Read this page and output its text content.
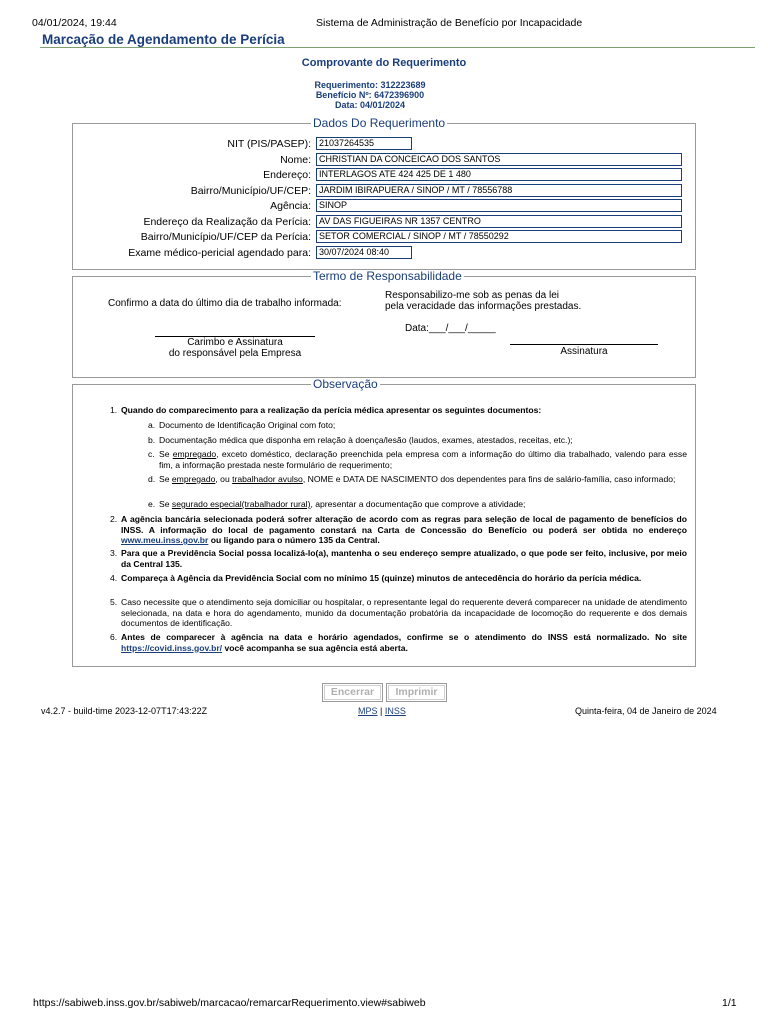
04/01/2024, 19:44	Sistema de Administração de Benefício por Incapacidade
Marcação de Agendamento de Perícia
Comprovante do Requerimento
Requerimento: 312223689
Benefício Nº: 6472396900
Data: 04/01/2024
Dados Do Requerimento
NIT (PIS/PASEP): 21037264535
Nome: CHRISTIAN DA CONCEICAO DOS SANTOS
Endereço: INTERLAGOS ATE 424 425 DE 1 480
Bairro/Município/UF/CEP: JARDIM IBIRAPUERA / SINOP / MT / 78556788
Agência: SINOP
Endereço da Realização da Perícia: AV DAS FIGUEIRAS NR 1357 CENTRO
Bairro/Município/UF/CEP da Perícia: SETOR COMERCIAL / SINOP / MT / 78550292
Exame médico-pericial agendado para: 30/07/2024 08:40
Termo de Responsabilidade
Confirmo a data do último dia de trabalho informada:
Responsabilizo-me sob as penas da lei
pela veracidade das informações prestadas.
Data:___/___/_____
Carimbo e Assinatura
do responsável pela Empresa	Assinatura
Observação
1. Quando do comparecimento para a realização da perícia médica apresentar os seguintes documentos:
a. Documento de Identificação Original com foto;
b. Documentação médica que disponha em relação à doença/lesão (laudos, exames, atestados, receitas, etc.);
c. Se empregado, exceto doméstico, declaração preenchida pela empresa com a informação do último dia trabalhado, valendo para esse fim, a informação prestada neste formulário de requerimento;
d. Se empregado, ou trabalhador avulso, NOME e DATA DE NASCIMENTO dos dependentes para fins de salário-família, caso informado;
e. Se segurado especial(trabalhador rural), apresentar a documentação que comprove a atividade;
2. A agência bancária selecionada poderá sofrer alteração de acordo com as regras para seleção de local de pagamento de benefícios do INSS. A informação do local de pagamento constará na Carta de Concessão do Benefício ou poderá ser obtida no endereço www.meu.inss.gov.br ou ligando para o número 135 da Central.
3. Para que a Previdência Social possa localizá-lo(a), mantenha o seu endereço sempre atualizado, o que pode ser feito, inclusive, por meio da Central 135.
4. Compareça à Agência da Previdência Social com no mínimo 15 (quinze) minutos de antecedência do horário da perícia médica.
5. Caso necessite que o atendimento seja domiciliar ou hospitalar, o representante legal do requerente deverá comparecer na unidade de atendimento selecionada, na data e hora do agendamento, munido da documentação probatória da incapacidade de locomoção do requerente e dos demais documentos de identificação.
6. Antes de comparecer à agência na data e horário agendados, confirme se o atendimento do INSS está normalizado. No site https://covid.inss.gov.br/ você acompanha se sua agência está aberta.
Encerrar	Imprimir
v4.2.7 - build-time 2023-12-07T17:43:22Z	MPS | INSS	Quinta-feira, 04 de Janeiro de 2024
https://sabiweb.inss.gov.br/sabiweb/marcacao/remarcarRequerimento.view#sabiweb	1/1
